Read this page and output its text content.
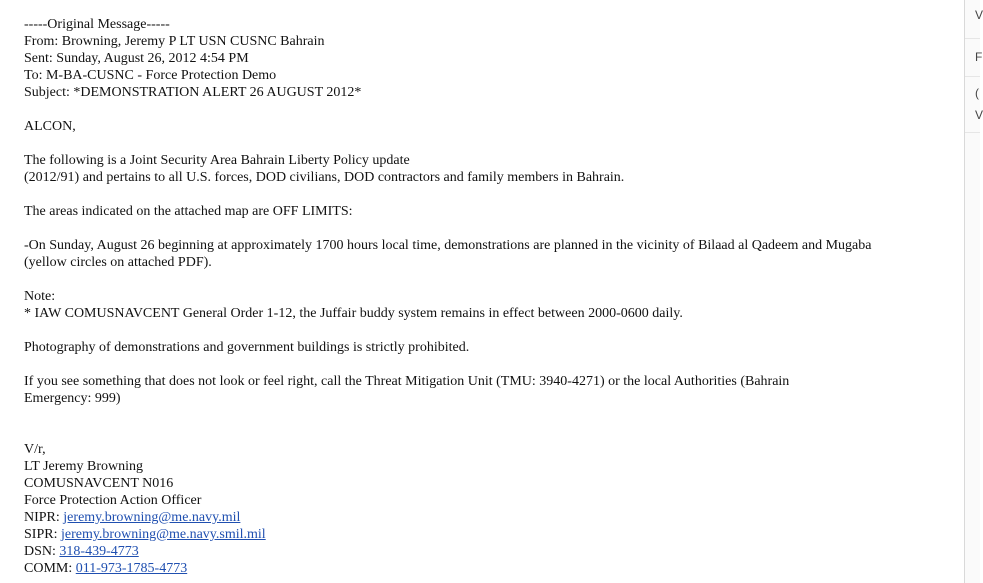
-----Original Message-----
From: Browning, Jeremy P LT USN CUSNC Bahrain
Sent: Sunday, August 26, 2012 4:54 PM
To: M-BA-CUSNC - Force Protection Demo
Subject: *DEMONSTRATION ALERT 26 AUGUST 2012*
ALCON,
The following is a Joint Security Area Bahrain Liberty Policy update
(2012/91) and pertains to all U.S. forces, DOD civilians, DOD contractors and family members in Bahrain.
The areas indicated on the attached map are OFF LIMITS:
-On Sunday, August 26 beginning at approximately 1700 hours local time, demonstrations are planned in the vicinity of Bilaad al Qadeem and Mugaba
(yellow circles on attached PDF).
Note:
* IAW COMUSNAVCENT General Order 1-12, the Juffair buddy system remains in effect between 2000-0600 daily.
Photography of demonstrations and government buildings is strictly prohibited.
If you see something that does not look or feel right, call the Threat Mitigation Unit (TMU: 3940-4271) or the local Authorities (Bahrain
Emergency: 999)
V/r,
LT Jeremy Browning
COMUSNAVCENT N016
Force Protection Action Officer
NIPR: jeremy.browning@me.navy.mil
SIPR: jeremy.browning@me.navy.smil.mil
DSN: 318-439-4773
COMM: 011-973-1785-4773
V
F
(
V
